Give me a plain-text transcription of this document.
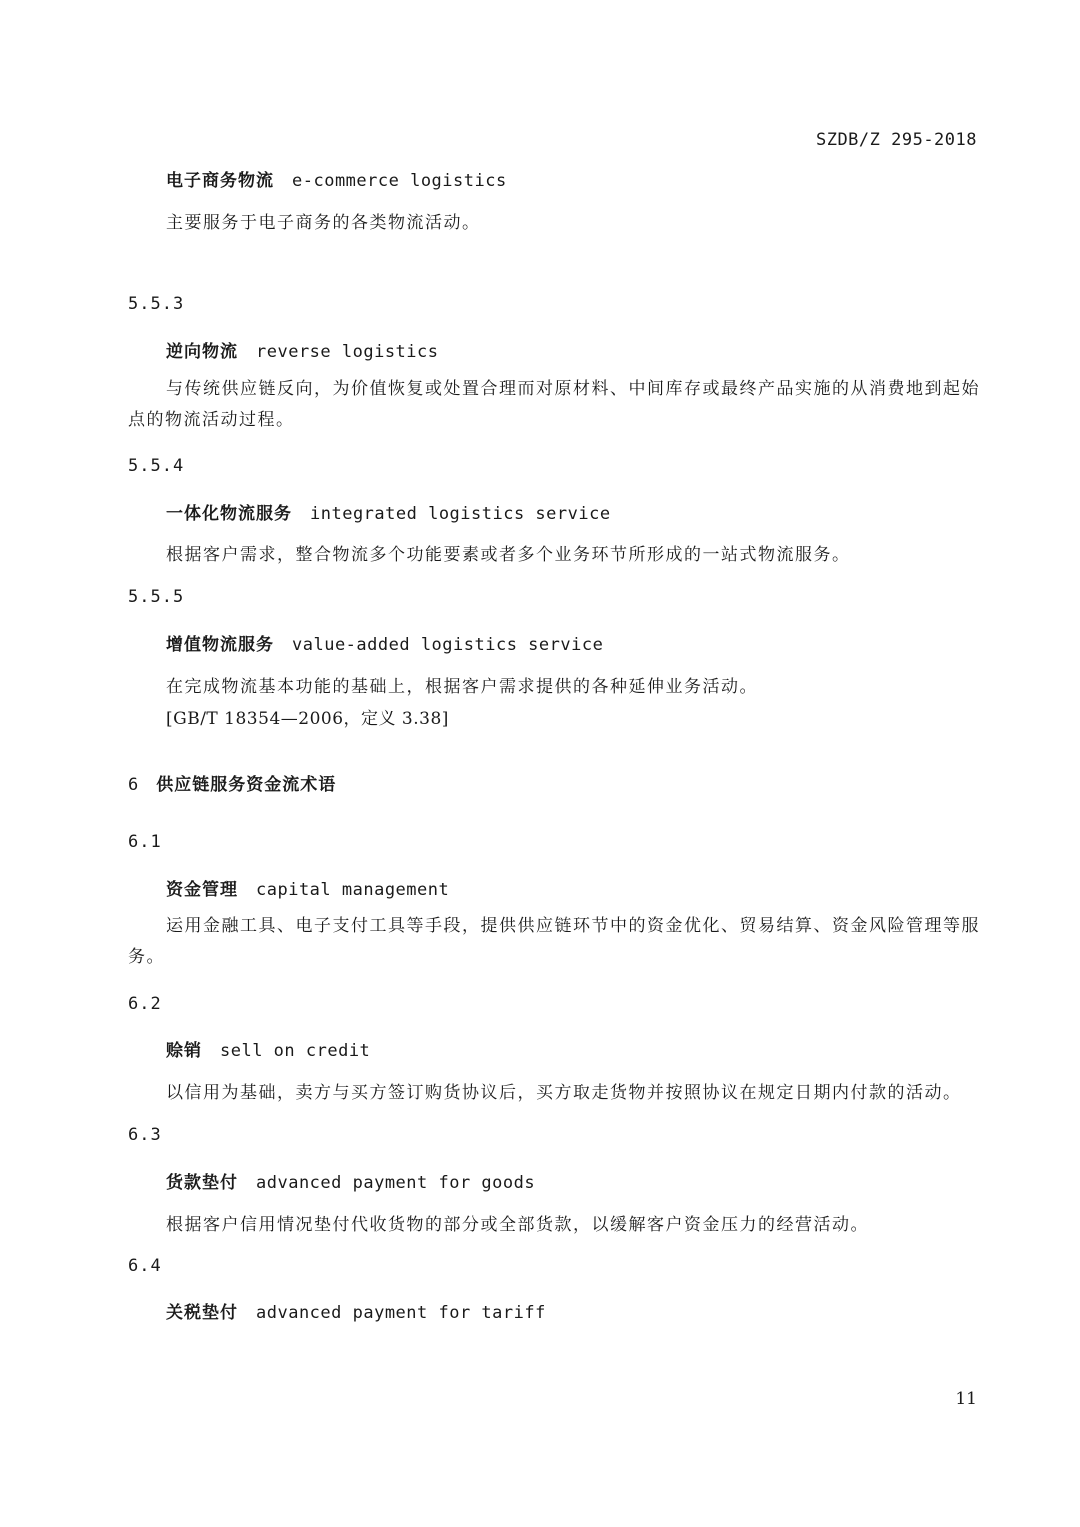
SZDB/Z 295-2018
电子商务物流 e-commerce logistics
主要服务于电子商务的各类物流活动。
5.5.3
逆向物流 reverse logistics
与传统供应链反向，为价值恢复或处置合理而对原材料、中间库存或最终产品实施的从消费地到起始点的物流活动过程。
5.5.4
一体化物流服务 integrated logistics service
根据客户需求，整合物流多个功能要素或者多个业务环节所形成的一站式物流服务。
5.5.5
增值物流服务 value-added logistics service
在完成物流基本功能的基础上，根据客户需求提供的各种延伸业务活动。
[GB/T 18354—2006，定义 3.38]
6 供应链服务资金流术语
6.1
资金管理 capital management
运用金融工具、电子支付工具等手段，提供供应链环节中的资金优化、贸易结算、资金风险管理等服务。
6.2
赊销 sell on credit
以信用为基础，卖方与买方签订购货协议后，买方取走货物并按照协议在规定日期内付款的活动。
6.3
货款垫付 advanced payment for goods
根据客户信用情况垫付代收货物的部分或全部货款，以缓解客户资金压力的经营活动。
6.4
关税垫付 advanced payment for tariff
11
